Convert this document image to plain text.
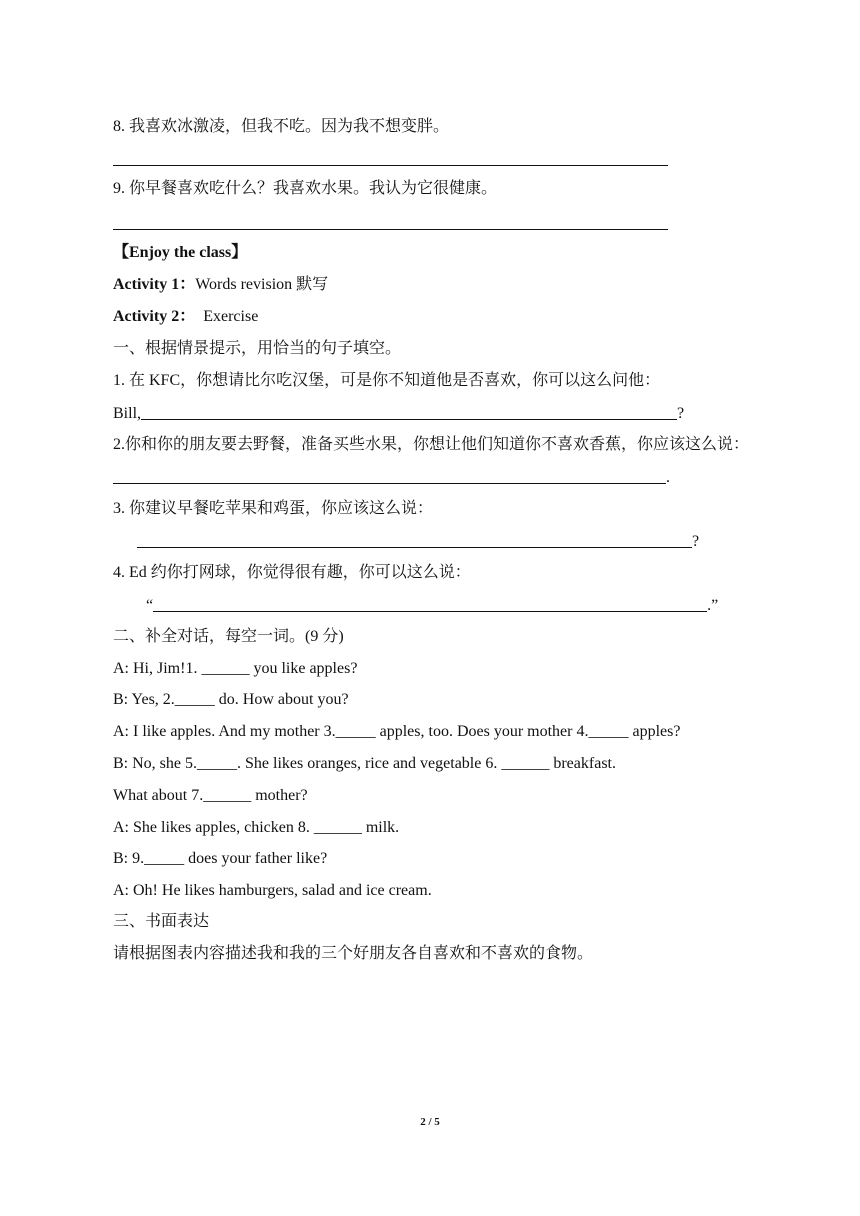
8. 我喜欢冰激凌，但我不吃。因为我不想变胖。
9. 你早餐喜欢吃什么？我喜欢水果。我认为它很健康。
【Enjoy the class】
Activity 1：Words revision 默写
Activity 2：  Exercise
一、根据情景提示，用恰当的句子填空。
1. 在 KFC，你想请比尔吃汉堡，可是你不知道他是否喜欢，你可以这么问他：
Bill,	?
2.你和你的朋友要去野餐，准备买些水果，你想让他们知道你不喜欢香蕉，你应该这么说：
.
3. 你建议早餐吃苹果和鸡蛋，你应该这么说：
?
4. Ed 约你打网球，你觉得很有趣，你可以这么说：
“	.”
二、补全对话，每空一词。(9 分)
A: Hi, Jim!1. ______ you like apples?
B: Yes, 2._____ do. How about you?
A: I like apples. And my mother 3._____ apples, too. Does your mother 4._____ apples?
B: No, she 5._____. She likes oranges, rice and vegetable 6. ______ breakfast.
What about 7.______ mother?
A: She likes apples, chicken 8. ______ milk.
B: 9._____ does your father like?
A: Oh! He likes hamburgers, salad and ice cream.
三、书面表达
请根据图表内容描述我和我的三个好朋友各自喜欢和不喜欢的食物。
2 / 5
